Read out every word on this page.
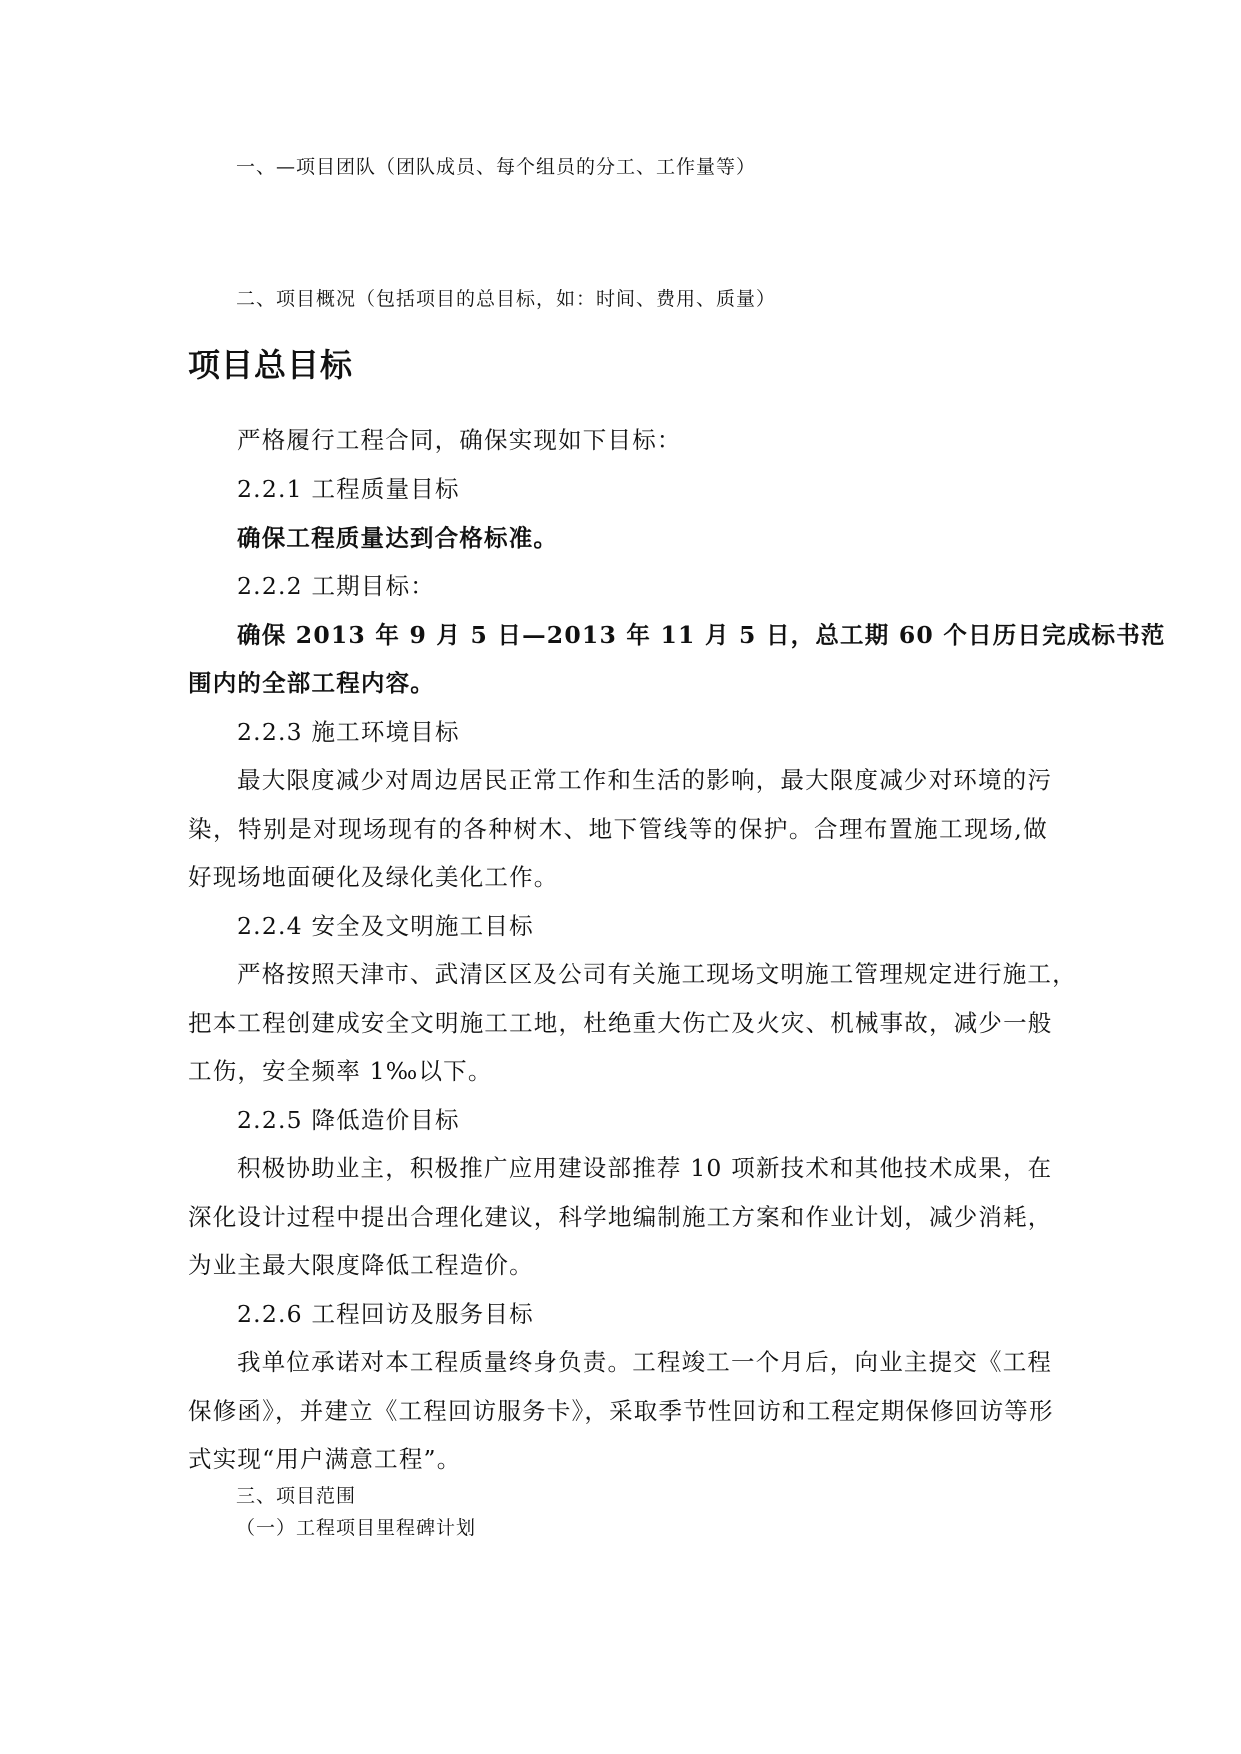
一、—项目团队（团队成员、每个组员的分工、工作量等）

二、项目概况（包括项目的总目标，如：时间、费用、质量）

项目总目标

严格履行工程合同，确保实现如下目标：

2.2.1 工程质量目标

确保工程质量达到合格标准。

2.2.2 工期目标：

确保 2013 年 9 月 5 日—2013 年 11 月 5 日，总工期 60 个日历日完成标书范

围内的全部工程内容。

2.2.3 施工环境目标

最大限度减少对周边居民正常工作和生活的影响，最大限度减少对环境的污

染，特别是对现场现有的各种树木、地下管线等的保护。合理布置施工现场,做

好现场地面硬化及绿化美化工作。

2.2.4 安全及文明施工目标

严格按照天津市、武清区区及公司有关施工现场文明施工管理规定进行施工，

把本工程创建成安全文明施工工地，杜绝重大伤亡及火灾、机械事故，减少一般

工伤，安全频率 1‰以下。

2.2.5 降低造价目标

积极协助业主，积极推广应用建设部推荐 10 项新技术和其他技术成果，在

深化设计过程中提出合理化建议，科学地编制施工方案和作业计划，减少消耗，

为业主最大限度降低工程造价。

2.2.6 工程回访及服务目标

我单位承诺对本工程质量终身负责。工程竣工一个月后，向业主提交《工程

保修函》，并建立《工程回访服务卡》，采取季节性回访和工程定期保修回访等形

式实现“用户满意工程”。

三、项目范围

（一）工程项目里程碑计划
